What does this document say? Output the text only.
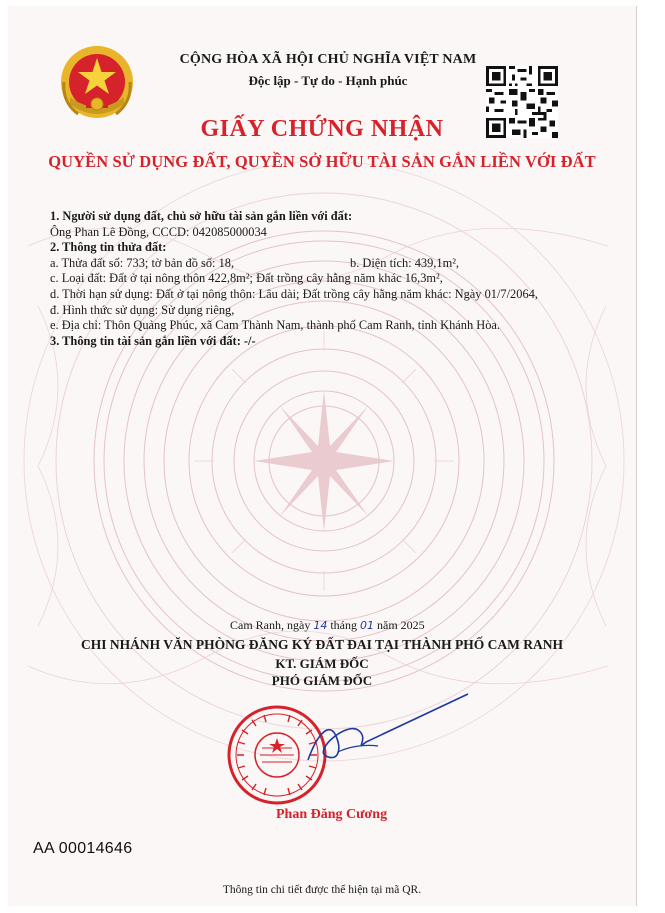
CỘNG HÒA XÃ HỘI CHỦ NGHĨA VIỆT NAM
Độc lập - Tự do - Hạnh phúc
GIẤY CHỨNG NHẬN
QUYỀN SỬ DỤNG ĐẤT, QUYỀN SỞ HỮU TÀI SẢN GẮN LIỀN VỚI ĐẤT
1. Người sử dụng đất, chủ sở hữu tài sản gắn liền với đất:
Ông Phan Lê Đồng, CCCD: 042085000034
2. Thông tin thửa đất:
a. Thửa đất số: 733; tờ bản đồ số: 18,	b. Diện tích: 439,1m²,
c. Loại đất: Đất ở tại nông thôn 422,8m²; Đất trồng cây hằng năm khác 16,3m²,
d. Thời hạn sử dụng: Đất ở tại nông thôn: Lâu dài; Đất trồng cây hằng năm khác: Ngày 01/7/2064,
đ. Hình thức sử dụng: Sử dụng riêng,
e. Địa chỉ: Thôn Quảng Phúc, xã Cam Thành Nam, thành phố Cam Ranh, tỉnh Khánh Hòa.
3. Thông tin tài sản gắn liền với đất: -/-
Cam Ranh, ngày 14 tháng 01 năm 2025
CHI NHÁNH VĂN PHÒNG ĐĂNG KÝ ĐẤT ĐAI TẠI THÀNH PHỐ CAM RANH
KT. GIÁM ĐỐC
PHÓ GIÁM ĐỐC
Phan Đăng Cương
AA 00014646
Thông tin chi tiết được thể hiện tại mã QR.
